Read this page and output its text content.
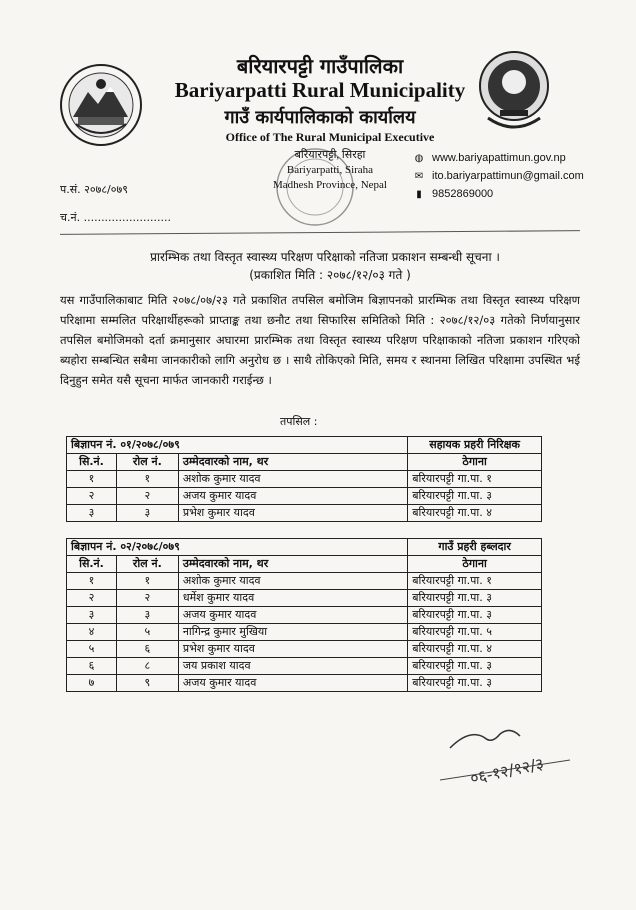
बरियारपट्टी गाउँपालिका
Bariyarpatti Rural Municipality
गाउँ कार्यपालिकाको कार्यालय
Office of The Rural Municipal Executive
बरियारपट्टी, सिरहा
Bariyarpatti, Siraha
Madhesh Province, Nepal
प.सं. २०७८/०७९
च.नं. .........................
◍ www.bariyapattimun.gov.np
✉ ito.bariyarpattimun@gmail.com
▮ 9852869000
प्रारम्भिक तथा विस्तृत स्वास्थ्य परिक्षण परिक्षाको नतिजा प्रकाशन सम्बन्धी सूचना ।
(प्रकाशित मिति : २०७८/१२/०३ गते )
यस गाउँपालिकाबाट मिति २०७८/०७/२३ गते प्रकाशित तपसिल बमोजिम बिज्ञापनको प्रारम्भिक तथा विस्तृत स्वास्थ्य परिक्षण परिक्षामा सम्मलित परिक्षार्थीहरूको प्राप्ताङ्क तथा छनौट तथा सिफारिस समितिको मिति : २०७८/१२/०३ गतेको निर्णयानुसार तपसिल बमोजिमको दर्ता क्रमानुसार अघारमा प्रारम्भिक तथा विस्तृत स्वास्थ्य परिक्षण परिक्षाकाको नतिजा प्रकाशन गरिएको ब्यहोरा सम्बन्धित सबैमा जानकारीको लागि अनुरोध छ । साथै तोकिएको मिति, समय र स्थानमा लिखित परिक्षामा उपस्थित भई दिनुहुन समेत यसै सूचना मार्फत जानकारी गराईन्छ ।
तपसिल :
बिज्ञापन नं. ०१/२०७८/०७९			सहायक प्रहरी निरिक्षक
सि.नं.	रोल नं.	उम्मेदवारको नाम, थर	ठेगाना
१	१	अशोक कुमार यादव	बरियारपट्टी गा.पा. १
२	२	अजय कुमार यादव	बरियारपट्टी गा.पा. ३
३	३	प्रभेश कुमार यादव	बरियारपट्टी गा.पा. ४
बिज्ञापन नं. ०२/२०७८/०७९			गाउँ प्रहरी हब्लदार
सि.नं.	रोल नं.	उम्मेदवारको नाम, थर	ठेगाना
१	१	अशोक कुमार यादव	बरियारपट्टी गा.पा. १
२	२	धर्मेश कुमार यादव	बरियारपट्टी गा.पा. ३
३	३	अजय कुमार यादव	बरियारपट्टी गा.पा. ३
४	५	नागिन्द्र कुमार मुखिया	बरियारपट्टी गा.पा. ५
५	६	प्रभेश कुमार यादव	बरियारपट्टी गा.पा. ४
६	८	जय प्रकाश यादव	बरियारपट्टी गा.पा. ३
७	९	अजय कुमार यादव	बरियारपट्टी गा.पा. ३
०६-१२/१२/३
